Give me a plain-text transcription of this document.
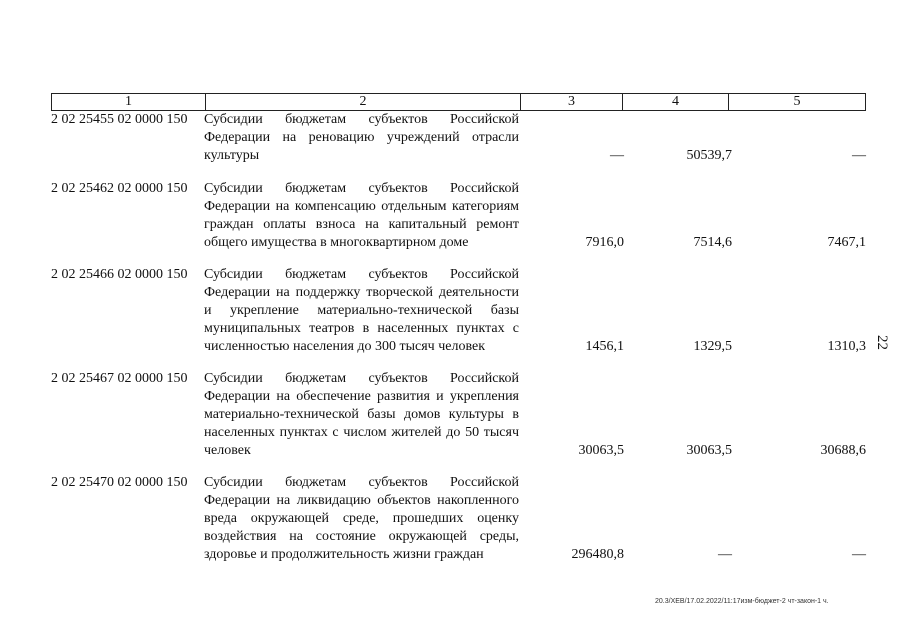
1	2	3	4	5
2 02 25455 02 0000 150 Субсидии бюджетам субъектов Российской Федерации на реновацию учреждений отрасли культуры	—	50539,7	—
2 02 25462 02 0000 150 Субсидии бюджетам субъектов Российской Федерации на компенсацию отдельным категориям граждан оплаты взноса на капитальный ремонт общего имущества в многоквартирном доме	7916,0	7514,6	7467,1
2 02 25466 02 0000 150 Субсидии бюджетам субъектов Российской Федерации на поддержку творческой деятельности и укрепление материально-технической базы муниципальных театров в населенных пунктах с численностью населения до 300 тысяч человек	1456,1	1329,5	1310,3
2 02 25467 02 0000 150 Субсидии бюджетам субъектов Российской Федерации на обеспечение развития и укрепления материально-технической базы домов культуры в населенных пунктах с числом жителей до 50 тысяч человек	30063,5	30063,5	30688,6
2 02 25470 02 0000 150 Субсидии бюджетам субъектов Российской Федерации на ликвидацию объектов накопленного вреда окружающей среде, прошедших оценку воздействия на состояние окружающей среды, здоровье и продолжительность жизни граждан	296480,8	—	—
22
20.3/ХЕВ/17.02.2022/11:17изм-бюджет-2 чт-закон-1 ч.
